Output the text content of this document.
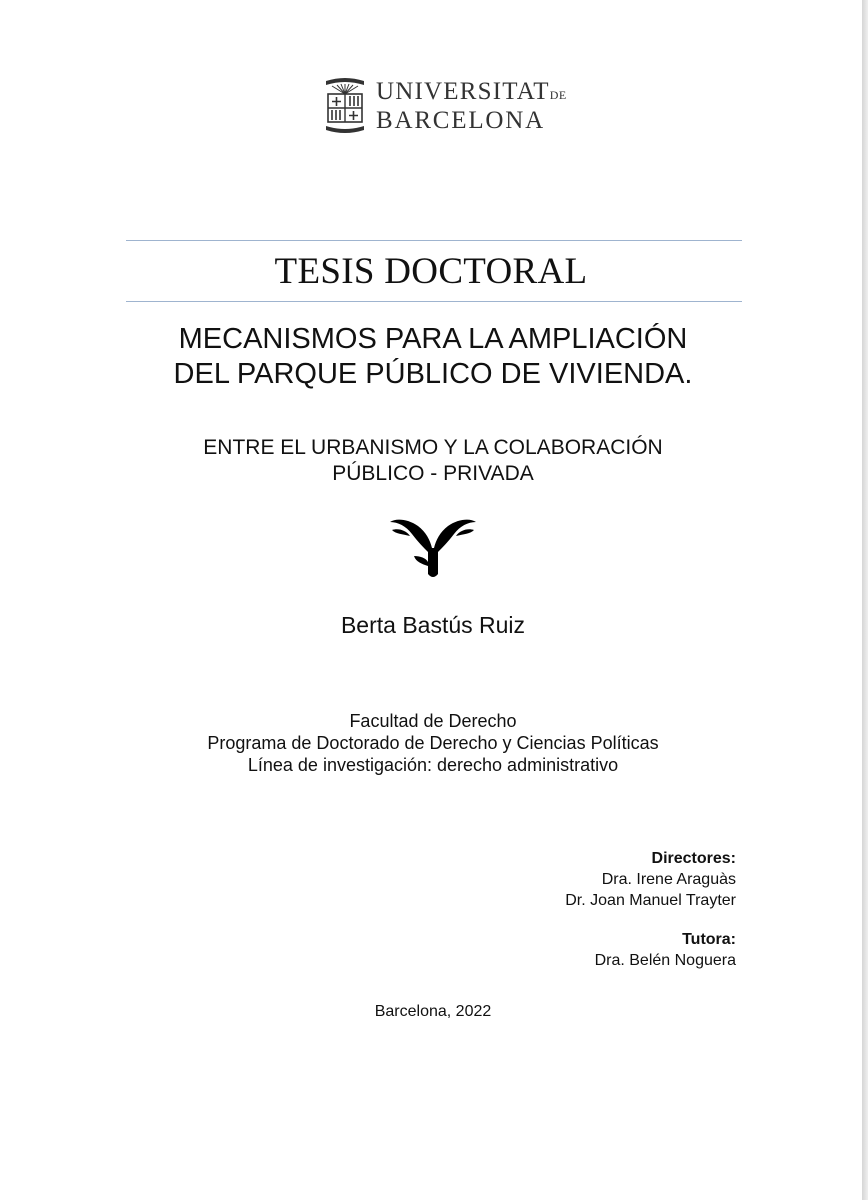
UNIVERSITATDE
BARCELONA
TESIS DOCTORAL
MECANISMOS PARA LA AMPLIACIÓN
DEL PARQUE PÚBLICO DE VIVIENDA.
ENTRE EL URBANISMO Y LA COLABORACIÓN
PÚBLICO - PRIVADA
Berta Bastús Ruiz
Facultad de Derecho
Programa de Doctorado de Derecho y Ciencias Políticas
Línea de investigación: derecho administrativo
Directores:
Dra. Irene Araguàs
Dr. Joan Manuel Trayter
Tutora:
Dra. Belén Noguera
Barcelona, 2022
